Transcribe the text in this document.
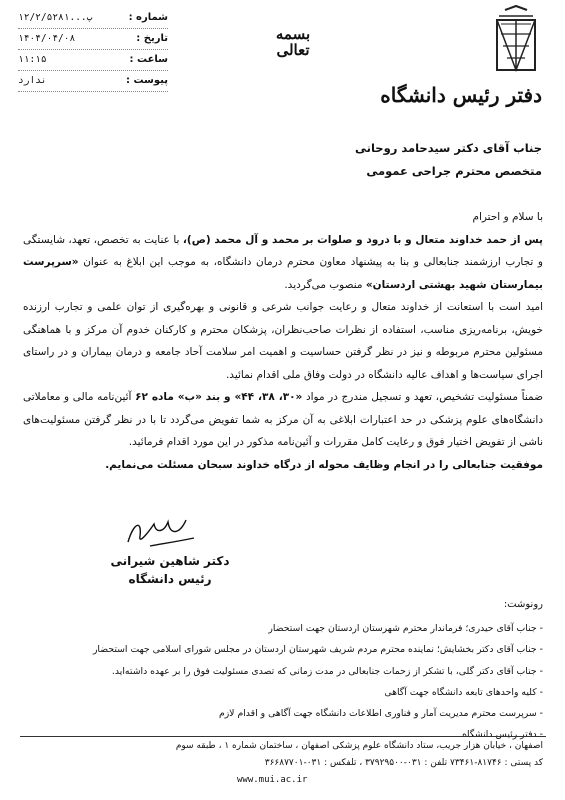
شماره :
۱۲/۲/۵۲۸۱...پ
تاریخ :
۱۴۰۴/۰۴/۰۸
ساعت :
۱۱:۱۵
پیوست :
ندارد
بسمه تعالی
دفتر رئیس دانشگاه
جناب آقای دکتر سیدحامد روحانی
متخصص محترم جراحی عمومی

با سلام و احترام

پس از حمد خداوند متعال و با درود و صلوات بر محمد و آل محمد (ص)، با عنایت به تخصص، تعهد، شایستگی و تجارب ارزشمند جنابعالی و بنا به پیشنهاد معاون محترم درمان دانشگاه، به موجب این ابلاغ به عنوان «سرپرست بیمارستان شهید بهشتی اردستان» منصوب می‌گردید.

امید است با استعانت از خداوند متعال و رعایت جوانب شرعی و قانونی و بهره‌گیری از توان علمی و تجارب ارزنده خویش، برنامه‌ریزی مناسب، استفاده از نظرات صاحب‌نظران، پزشکان محترم و کارکنان خدوم آن مرکز و با هماهنگی مسئولین محترم مربوطه و نیز در نظر گرفتن حساسیت و اهمیت امر سلامت آحاد جامعه و درمان بیماران و در راستای اجرای سیاست‌ها و اهداف عالیه دانشگاه در دولت وفاق ملی اقدام نمائید.

ضمناً مسئولیت تشخیص، تعهد و تسجیل مندرج در مواد «۳۰، ۳۸، ۴۴» و بند «ب» ماده ۶۲ آئین‌نامه مالی و معاملاتی دانشگاه‌های علوم پزشکی در حد اعتبارات ابلاغی به آن مرکز به شما تفویض می‌گردد تا با در نظر گرفتن مسئولیت‌های ناشی از تفویض اختیار فوق و رعایت کامل مقررات و آئین‌نامه مذکور در این مورد اقدام فرمائید.

موفقیت جنابعالی را در انجام وظایف محوله از درگاه خداوند سبحان مسئلت می‌نمایم.

دکتر شاهین شیرانی
رئیس دانشگاه
رونوشت:
- جناب آقای حیدری؛ فرماندار محترم شهرستان اردستان جهت استحضار
- جناب آقای دکتر بخشایش؛ نماینده محترم مردم شریف شهرستان اردستان در مجلس شورای اسلامی جهت استحضار
- جناب آقای دکتر گلی، با تشکر از زحمات جنابعالی در مدت زمانی که تصدی مسئولیت فوق را بر عهده داشته‌اید.
- کلیه واحدهای تابعه دانشگاه جهت آگاهی
- سرپرست محترم مدیریت آمار و فناوری اطلاعات دانشگاه جهت آگاهی و اقدام لازم
- دفتر رئیس دانشگاه
اصفهان ، خیابان هزار جریب، ستاد دانشگاه علوم پزشکی اصفهان ، ساختمان شماره ۱ ، طبقه سوم
کد پستی : ۸۱۷۴۶-۷۳۴۶۱ تلفن : ۰۳۱-۳۷۹۲۹۵۰۰ ، تلفکس : ۰۳۱-۳۶۶۸۷۷۰۱
www.mui.ac.ir
